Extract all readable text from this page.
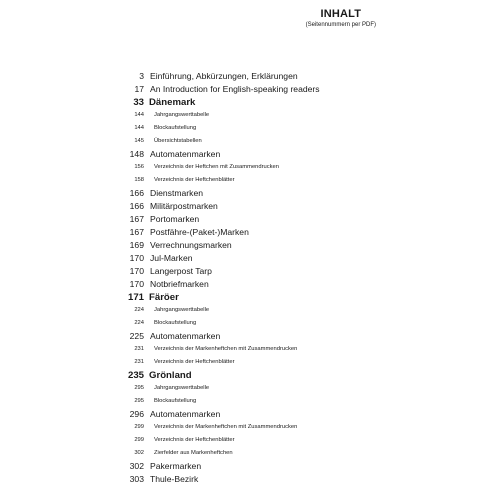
INHALT
(Seitennummern per PDF)
3 Einführung, Abkürzungen, Erklärungen
17 An Introduction for English-speaking readers
33 Dänemark
144	Jahrgangswerttabelle
144	Blockaufstellung
145	Übersichtstabellen
148 Automatenmarken
156	Verzeichnis der Heftchen mit Zusammendrucken
158	Verzeichnis der Heftchenblätter
166 Dienstmarken
166 Militärpostmarken
167 Portomarken
167 Postfähre-(Paket-)Marken
169 Verrechnungsmarken
170 Jul-Marken
170 Langerpost Tarp
170 Notbriefmarken
171 Färöer
224	Jahrgangswerttabelle
224	Blockaufstellung
225 Automatenmarken
231	Verzeichnis der Markenheftchen mit Zusammendrucken
231	Verzeichnis der Heftchenblätter
235 Grönland
295	Jahrgangswerttabelle
295	Blockaufstellung
296 Automatenmarken
299	Verzeichnis der Markenheftchen mit Zusammendrucken
299	Verzeichnis der Heftchenblätter
302	Zierfelder aus Markenheftchen
302 Pakermarken
303 Thule-Bezirk
